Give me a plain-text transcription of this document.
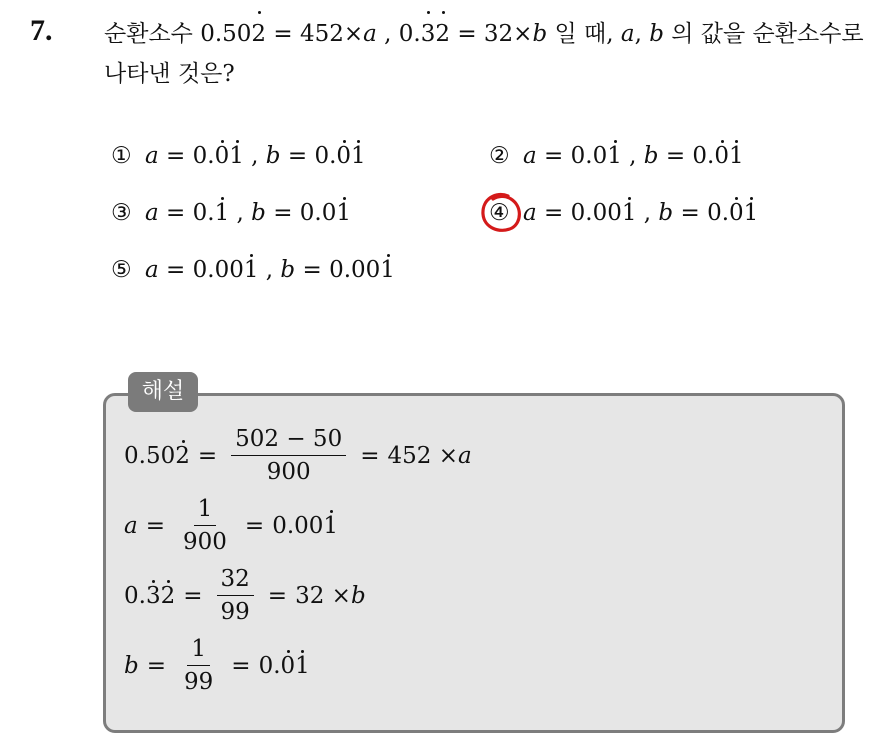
7. 순환소수 0.502 = 452×a , 0.32 = 32×b 일 때, a, b 의 값을 순환소수로
나타낸 것은?
① a = 0.01 , b = 0.01	② a = 0.01 , b = 0.01
③ a = 0.1 , b = 0.01	④ a = 0.001 , b = 0.01
⑤ a = 0.001 , b = 0.001
해설
0.50 $2 = \frac{502 - 50}{900} = 452 \times a$
$a = \frac{1}{900} = 0.00$ 1
0. 3 $2 = \frac{32}{99} = 32 \times b$
$b = \frac{1}{99} = 0$. 0 1
